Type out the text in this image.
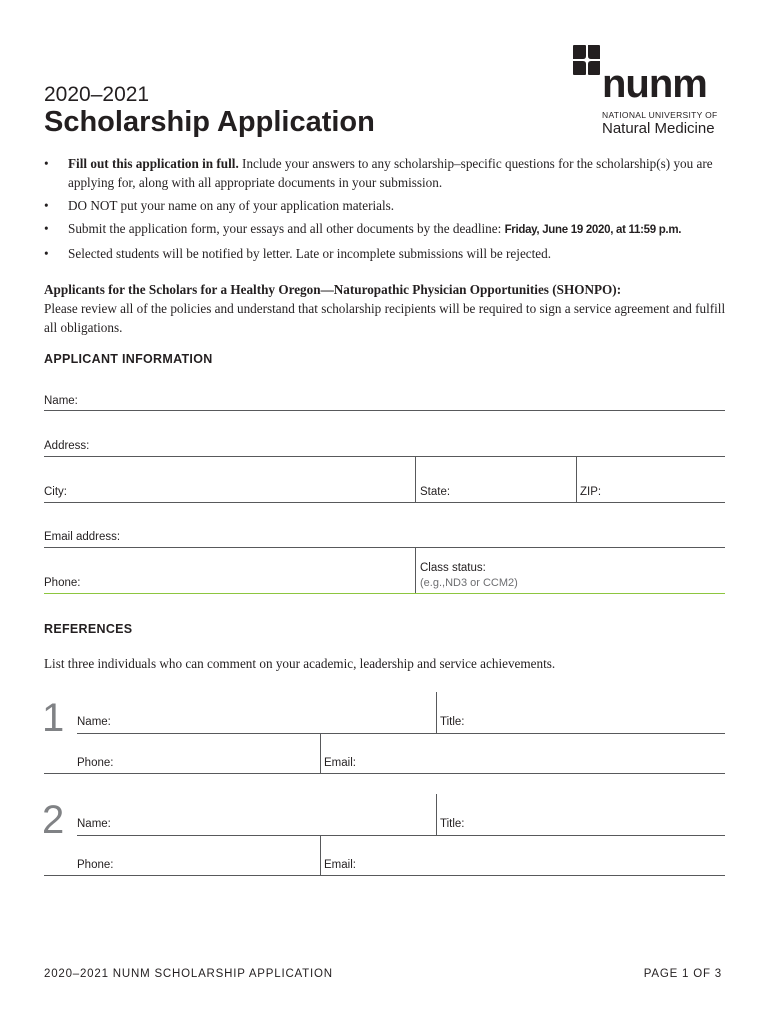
2020–2021
Scholarship Application
nunm
NATIONAL UNIVERSITY OF
Natural Medicine
• Fill out this application in full. Include your answers to any scholarship–specific questions for the scholarship(s) you are applying for, along with all appropriate documents in your submission.
• DO NOT put your name on any of your application materials.
• Submit the application form, your essays and all other documents by the deadline: Friday, June 19 2020, at 11:59 p.m.
• Selected students will be notified by letter. Late or incomplete submissions will be rejected.
Applicants for the Scholars for a Healthy Oregon—Naturopathic Physician Opportunities (SHONPO):
Please review all of the policies and understand that scholarship recipients will be required to sign a service agreement and fulfill all obligations.
APPLICANT INFORMATION
Name:
Address:
City:	State:	ZIP:
Email address:
Phone:
Class status:
(e.g.,ND3 or CCM2)
REFERENCES
List three individuals who can comment on your academic, leadership and service achievements.
1 Name:	Title:
Phone:	Email:
2 Name:	Title:
Phone:	Email:
2020–2021 NUNM SCHOLARSHIP APPLICATION	PAGE 1 OF 3
